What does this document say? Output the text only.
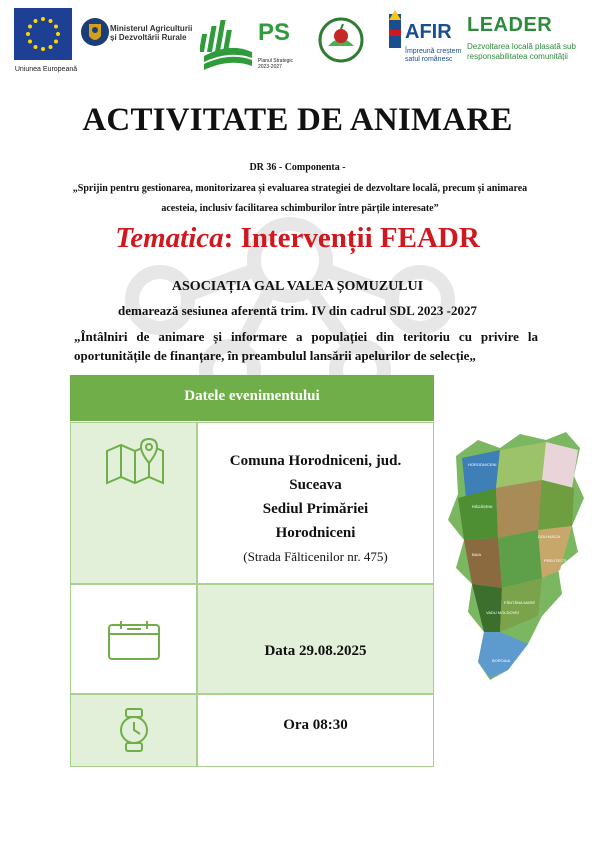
Uniunea Europeană
Ministerul Agriculturii
și Dezvoltării Rurale	PS
Planul Strategic 2023-2027
AFIR
Împreună creștem satul românesc
LEADER
Dezvoltarea locală plasată sub responsabilitatea comunității
ACTIVITATE DE ANIMARE
DR 36 - Componenta -
„Sprijin pentru gestionarea, monitorizarea și evaluarea strategiei de dezvoltare locală, precum și animarea acesteia, inclusiv facilitarea schimburilor între părțile interesate”
Tematica: Intervenții FEADR
ASOCIAȚIA GAL VALEA ȘOMUZULUI
demarează sesiunea aferentă trim. IV din cadrul SDL 2023 -2027
„Întâlniri de animare și informare a populației din teritoriu cu privire la
oportunitățile de finanțare, în preambulul lansării apelurilor de selecție„
Datele evenimentului
Comuna Horodniceni, jud.
Suceava
Sediul Primăriei
Horodniceni
(Strada Fălticenilor nr. 475)
Data 29.08.2025
Ora 08:30
HORODNICENI
RĂDĂȘENI
BAIA
DOLHASCA
PREUTEȘTI
FÂNTÂNA MARE
VADU MOLDOVEI
BOROAIA
